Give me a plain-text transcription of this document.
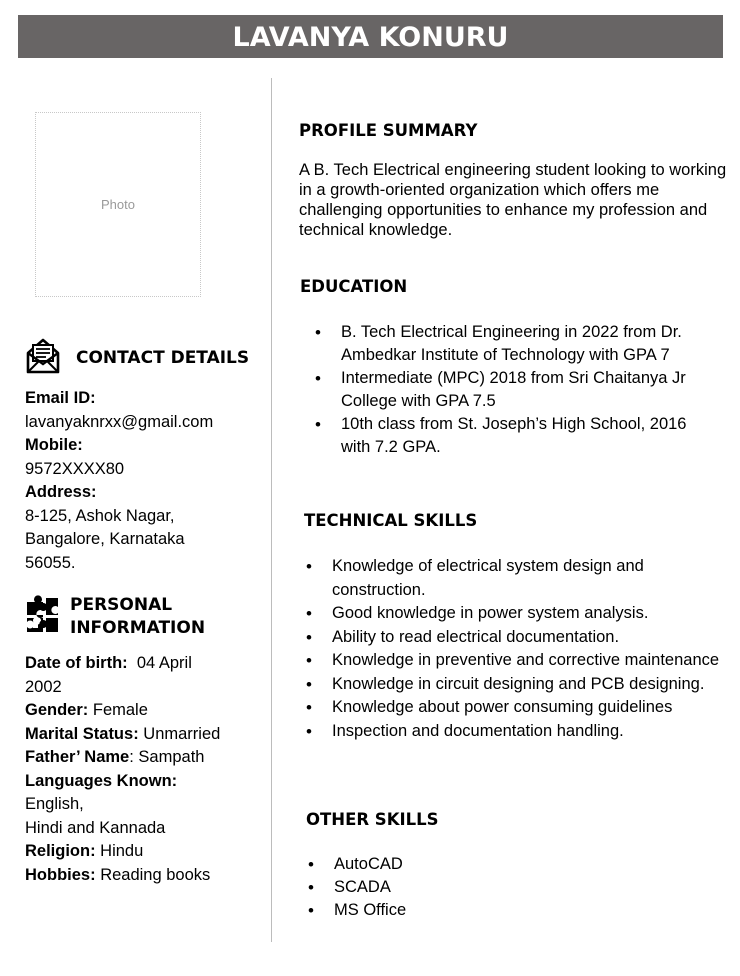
LAVANYA KONURU
Photo
CONTACT DETAILS
Email ID:
lavanyaknrxx@gmail.com
Mobile:
9572XXXX80
Address:
8-125, Ashok Nagar,
Bangalore, Karnataka
56055.
PERSONAL
INFORMATION
Date of birth: 04 April
2002
Gender: Female
Marital Status: Unmarried
Father’ Name: Sampath
Languages Known:
English,
Hindi and Kannada
Religion: Hindu
Hobbies: Reading books
PROFILE SUMMARY
A B. Tech Electrical engineering student looking to working in a growth-oriented organization which offers me challenging opportunities to enhance my profession and technical knowledge.
EDUCATION
• B. Tech Electrical Engineering in 2022 from Dr. Ambedkar Institute of Technology with GPA 7
• Intermediate (MPC) 2018 from Sri Chaitanya Jr College with GPA 7.5
• 10th class from St. Joseph’s High School, 2016 with 7.2 GPA.
TECHNICAL SKILLS
• Knowledge of electrical system design and construction.
• Good knowledge in power system analysis.
• Ability to read electrical documentation.
• Knowledge in preventive and corrective maintenance
• Knowledge in circuit designing and PCB designing.
• Knowledge about power consuming guidelines
• Inspection and documentation handling.
OTHER SKILLS
• AutoCAD
• SCADA
• MS Office
